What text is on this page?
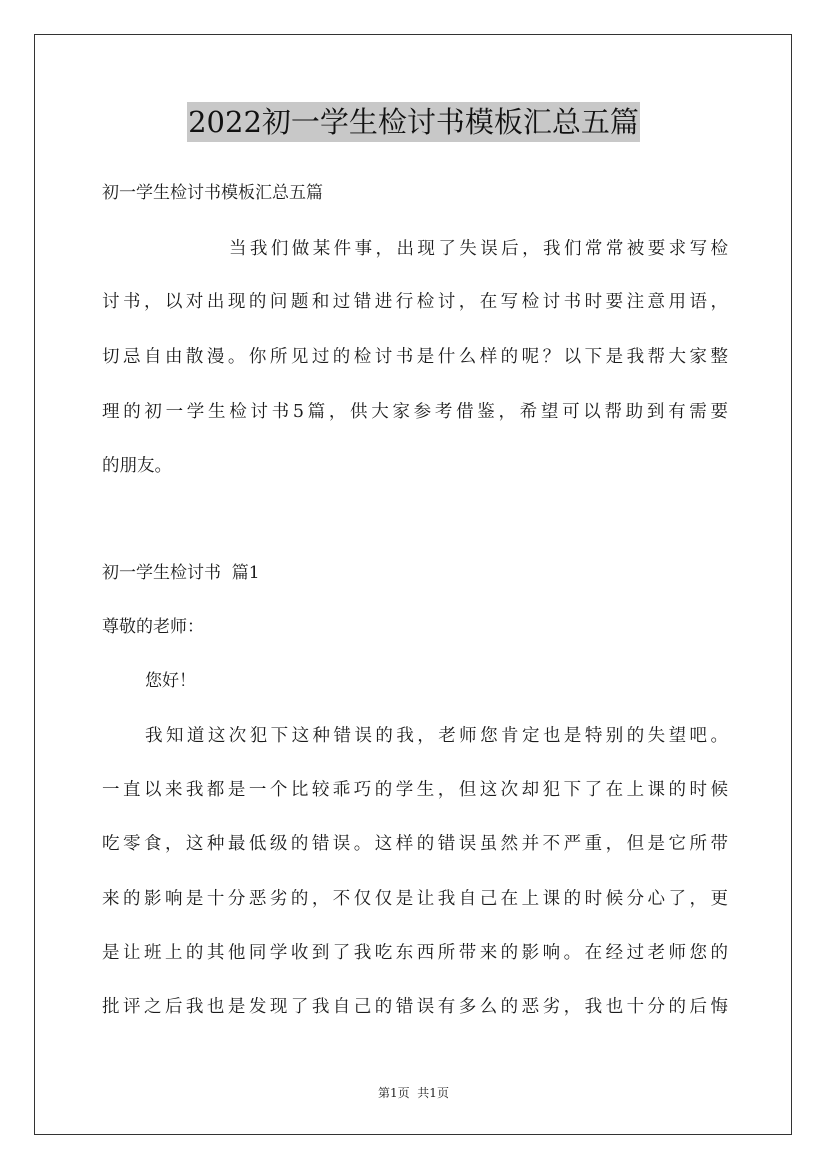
2022初一学生检讨书模板汇总五篇
初一学生检讨书模板汇总五篇
当我们做某件事，出现了失误后，我们常常被要求写检
讨书，以对出现的问题和过错进行检讨，在写检讨书时要注意用语，
切忌自由散漫。你所见过的检讨书是什么样的呢？以下是我帮大家整
理的初一学生检讨书5篇，供大家参考借鉴，希望可以帮助到有需要
的朋友。
初一学生检讨书  篇1
尊敬的老师：
您好！
我知道这次犯下这种错误的我，老师您肯定也是特别的失望吧。
一直以来我都是一个比较乖巧的学生，但这次却犯下了在上课的时候
吃零食，这种最低级的错误。这样的错误虽然并不严重，但是它所带
来的影响是十分恶劣的，不仅仅是让我自己在上课的时候分心了，更
是让班上的其他同学收到了我吃东西所带来的影响。在经过老师您的
批评之后我也是发现了我自己的错误有多么的恶劣，我也十分的后悔
第1页  共1页
